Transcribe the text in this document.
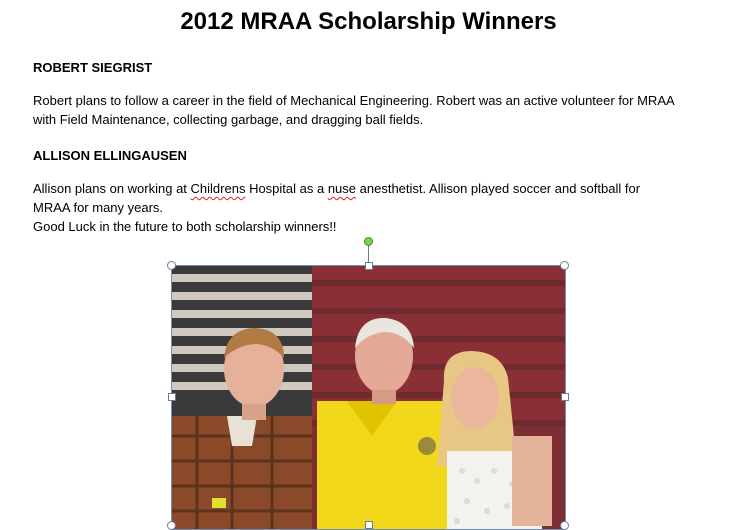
2012 MRAA Scholarship Winners

ROBERT SIEGRIST

Robert plans to follow a career in the field of Mechanical Engineering. Robert was an active volunteer for MRAA

with Field Maintenance, collecting garbage, and dragging ball fields.

ALLISON ELLINGAUSEN

Allison plans on working at Childrens Hospital as a nuse anesthetist. Allison played soccer and softball for

MRAA for many years.

Good Luck in the future to both scholarship winners!!
